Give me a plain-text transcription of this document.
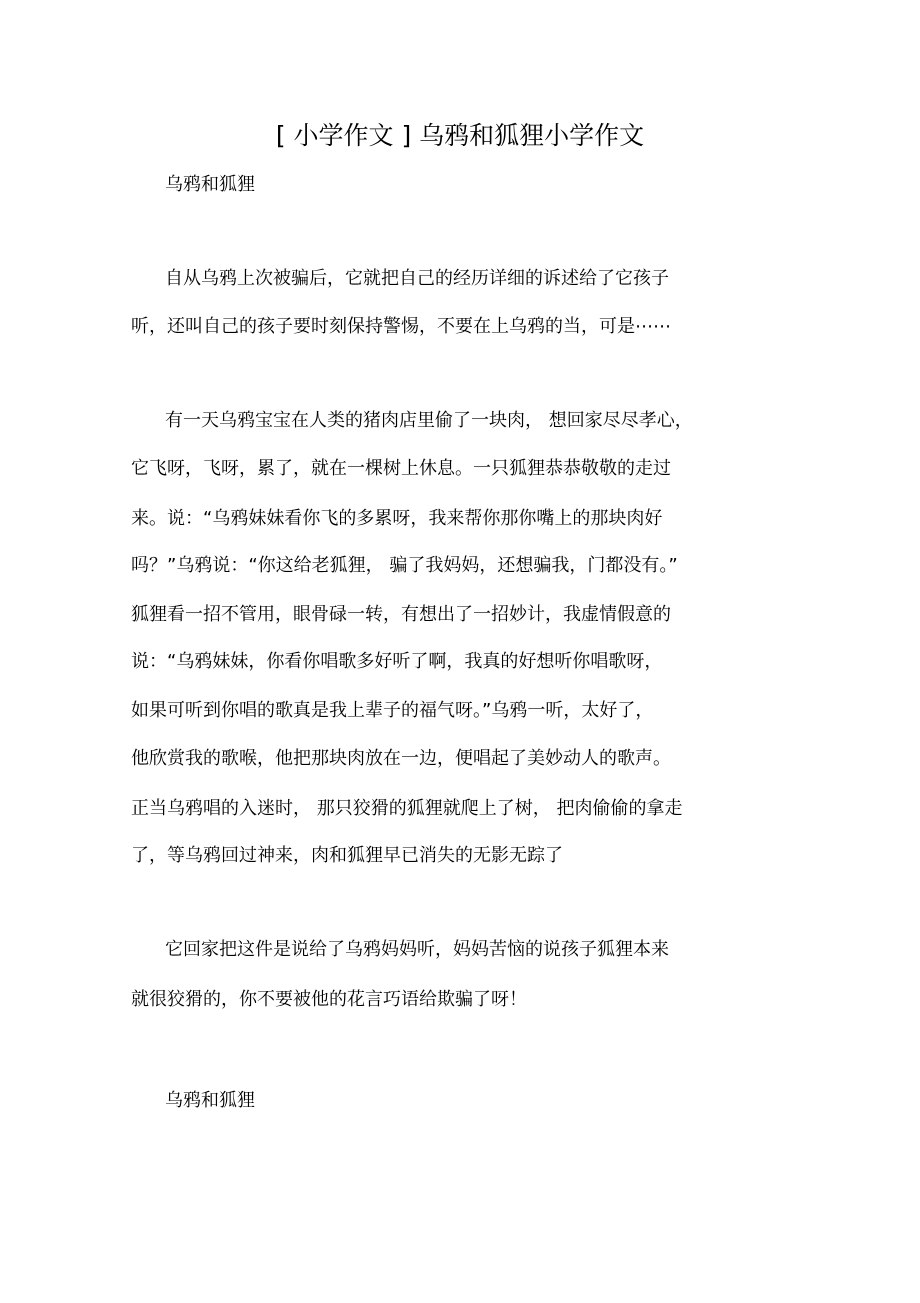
[ 小学作文 ] 乌鸦和狐狸小学作文
乌鸦和狐狸
自从乌鸦上次被骗后，它就把自己的经历详细的诉述给了它孩子
听，还叫自己的孩子要时刻保持警惕，不要在上乌鸦的当，可是⋯⋯
有一天乌鸦宝宝在人类的猪肉店里偷了一块肉， 想回家尽尽孝心，
它飞呀，飞呀，累了，就在一棵树上休息。一只狐狸恭恭敬敬的走过
来。说：“乌鸦妹妹看你飞的多累呀，我来帮你那你嘴上的那块肉好
吗？”乌鸦说：“你这给老狐狸， 骗了我妈妈，还想骗我，门都没有。”
狐狸看一招不管用，眼骨碌一转，有想出了一招妙计，我虚情假意的
说：“乌鸦妹妹，你看你唱歌多好听了啊，我真的好想听你唱歌呀，
如果可听到你唱的歌真是我上辈子的福气呀。”乌鸦一听，太好了，
他欣赏我的歌喉，他把那块肉放在一边，便唱起了美妙动人的歌声。
正当乌鸦唱的入迷时， 那只狡猾的狐狸就爬上了树， 把肉偷偷的拿走
了，等乌鸦回过神来，肉和狐狸早已消失的无影无踪了
它回家把这件是说给了乌鸦妈妈听，妈妈苦恼的说孩子狐狸本来
就很狡猾的，你不要被他的花言巧语给欺骗了呀！
乌鸦和狐狸
